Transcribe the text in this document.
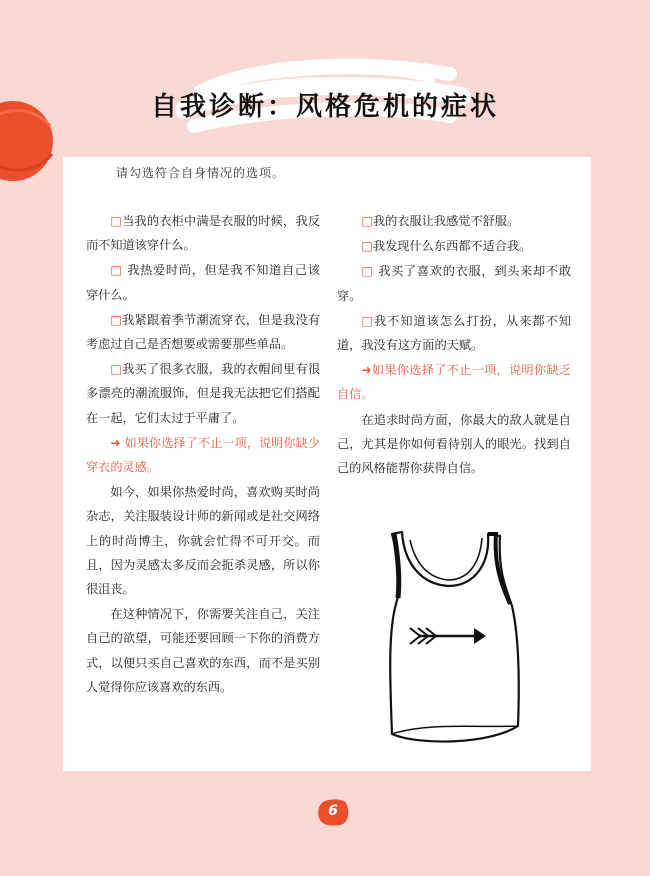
自我诊断：风格危机的症状
请勾选符合自身情况的选项。

□当我的衣柜中满是衣服的时候，我反而不知道该穿什么。

□ 我热爱时尚，但是我不知道自己该穿什么。

□我紧跟着季节潮流穿衣，但是我没有考虑过自己是否想要或需要那些单品。

□我买了很多衣服，我的衣帽间里有很多漂亮的潮流服饰，但是我无法把它们搭配在一起，它们太过于平庸了。

➜ 如果你选择了不止一项，说明你缺少穿衣的灵感。

如今，如果你热爱时尚，喜欢购买时尚杂志，关注服装设计师的新闻或是社交网络上的时尚博主，你就会忙得不可开交。而且，因为灵感太多反而会扼杀灵感，所以你很沮丧。

在这种情况下，你需要关注自己，关注自己的欲望，可能还要回顾一下你的消费方式，以便只买自己喜欢的东西，而不是买别人觉得你应该喜欢的东西。

□我的衣服让我感觉不舒服。

□我发现什么东西都不适合我。

□ 我买了喜欢的衣服，到头来却不敢穿。

□我不知道该怎么打扮，从来都不知道，我没有这方面的天赋。

➜如果你选择了不止一项，说明你缺乏自信。

在追求时尚方面，你最大的敌人就是自己，尤其是你如何看待别人的眼光。找到自己的风格能帮你获得自信。

6
